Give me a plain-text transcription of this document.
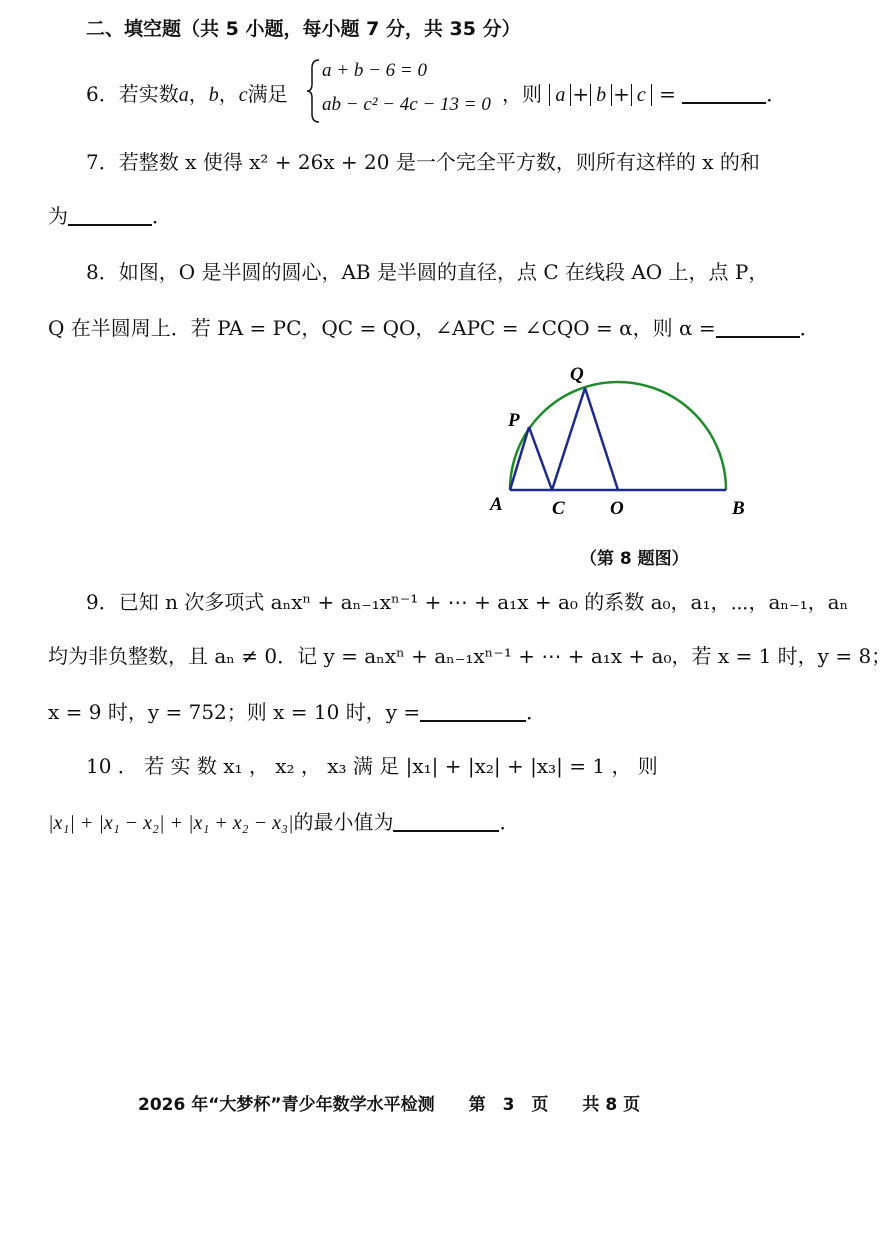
二、填空题（共 5 小题，每小题 7 分，共 35 分）
6．若实数a，b，c满足
a + b − 6 = 0
ab − c² − 4c − 13 = 0 ，则 a + b + c =	．
7．若整数 x 使得 x² + 26x + 20 是一个完全平方数，则所有这样的 x 的和
为	．
8．如图，O 是半圆的圆心，AB 是半圆的直径，点 C 在线段 AO 上，点 P，
Q 在半圆周上．若 PA = PC，QC = QO，∠APC = ∠CQO = α，则 α =	．
Q
P
A	C O	B
（第 8 题图）
9．已知 n 次多项式 aₙxⁿ + aₙ₋₁xⁿ⁻¹ + ⋯ + a₁x + a₀ 的系数 a₀，a₁，⋯，aₙ₋₁，aₙ
均为非负整数，且 aₙ ≠ 0．记 y = aₙxⁿ + aₙ₋₁xⁿ⁻¹ + ⋯ + a₁x + a₀，若 x = 1 时，y = 8；
x = 9 时，y = 752；则 x = 10 时，y =	．
10 ． 若 实 数 x₁ ， x₂ ， x₃ 满 足 |x₁| + |x₂| + |x₃| = 1 ， 则
|x₁| + |x₁ − x₂| + |x₁ + x₂ − x₃|的最小值为	．
2026 年“大梦杯”青少年数学水平检测　　第　3　页　　共 8 页
